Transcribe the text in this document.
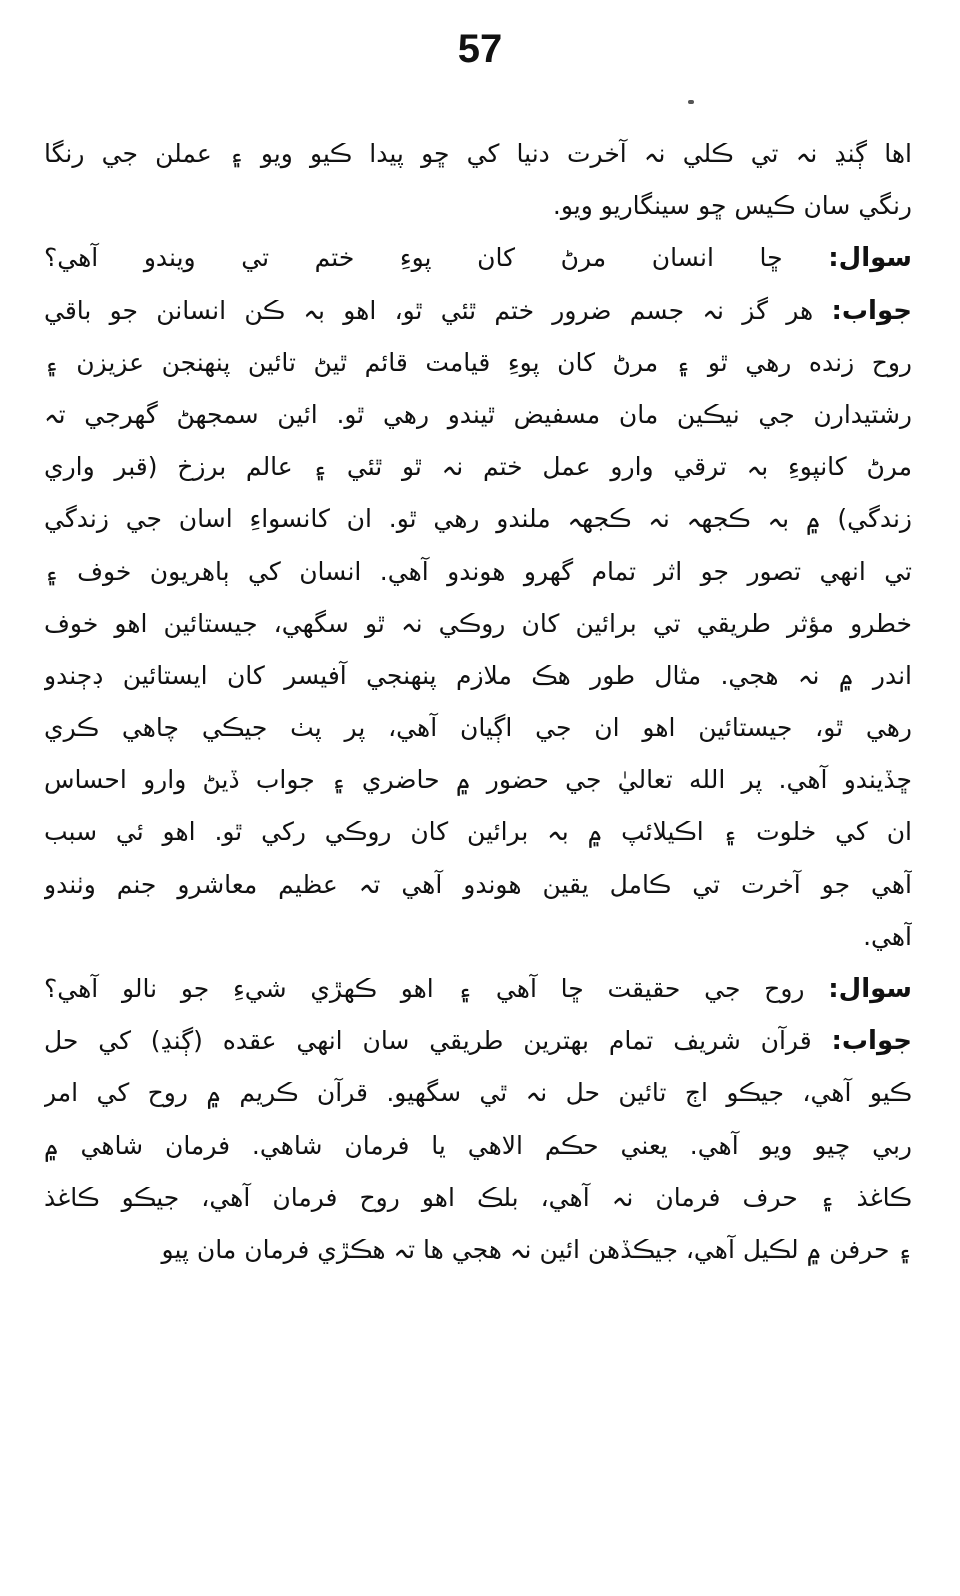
57
اها ڳنڍ نہ تي ڪلي نہ آخرت دنيا کي ڇو پيدا ڪيو ويو ۽ عملن جي رنگا
رنگي سان ڪيس ڇو سينگاريو ويو.
سوال: ڇا انسان مرڻ کان پوءِ ختم تي ويندو آهي؟
جواب: هر گز نہ جسم ضرور ختم ٿئي ٿو، اهو بہ ڪن انسانن جو باقي
روح زنده رهي ٿو ۽ مرڻ کان پوءِ قيامت قائم ٿيڻ تائين پنهنجن عزيزن ۽
رشتيدارن جي نيڪين مان مسفيض ٿيندو رهي ٿو. ائين سمجهڻ گهرجي تہ
مرڻ کانپوءِ بہ ترقي وارو عمل ختم نہ ٿو ٿئي ۽ عالم برزخ (قبر واري
زندگي) ۾ بہ ڪجهہ نہ ڪجهہ ملندو رهي ٿو. ان کانسواءِ اسان جي زندگي
تي انهي تصور جو اثر تمام گهرو هوندو آهي. انسان کي ٻاهريون خوف ۽
خطرو مؤثر طريقي تي برائين کان روڪي نہ ٿو سگهي، جيستائين اهو خوف
اندر ۾ نہ هجي. مثال طور هڪ ملازم پنهنجي آفيسر کان ايستائين ڊڄندو
رهي ٿو، جيستائين اهو ان جي اڳيان آهي، پر پٺ جيڪي چاهي ڪري
ڇڏيندو آهي. پر الله تعاليٰ جي حضور ۾ حاضري ۽ جواب ڏيڻ وارو احساس
ان کي خلوت ۽ اڪيلائپ ۾ بہ برائين کان روڪي رکي ٿو. اهو ئي سبب
آهي جو آخرت تي ڪامل يقين هوندو آهي تہ عظيم معاشرو جنم وٺندو
آهي.
سوال: روح جي حقيقت ڇا آهي ۽ اهو ڪهڙي شيءِ جو نالو آهي؟
جواب: قرآن شريف تمام بهترين طريقي سان انهي عقده (ڳنڍ) کي حل
ڪيو آهي، جيڪو اڄ تائين حل نہ ٿي سگهيو. قرآن ڪريم ۾ روح کي امر
ربي چيو ويو آهي. يعني حڪم الاهي يا فرمان شاهي. فرمان شاهي ۾
ڪاغذ ۽ حرف فرمان نہ آهي، بلڪ اهو روح فرمان آهي، جيڪو ڪاغذ
۽ حرفن ۾ لڪيل آهي، جيڪڏهن ائين نہ هجي ها تہ هڪڙي فرمان مان پيو
